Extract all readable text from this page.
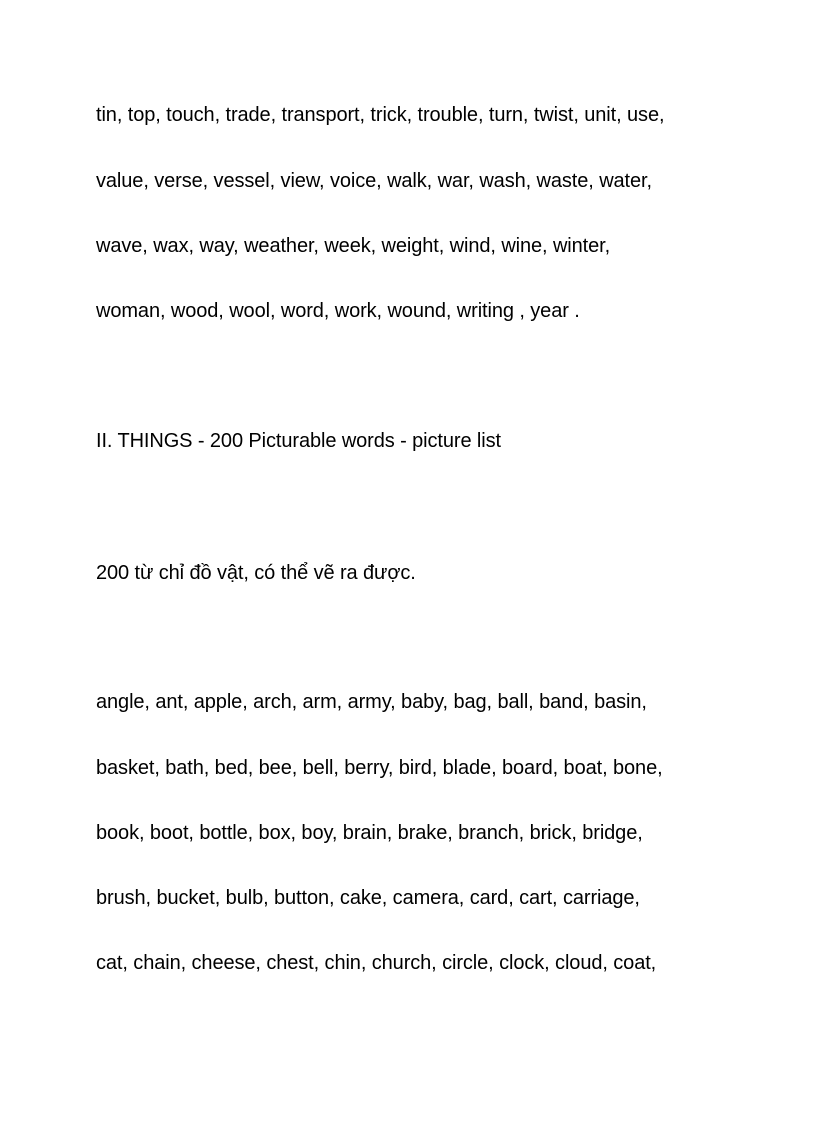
tin, top, touch, trade, transport, trick, trouble, turn, twist, unit, use,

value, verse, vessel, view, voice, walk, war, wash, waste, water,

wave, wax, way, weather, week, weight, wind, wine, winter,

woman, wood, wool, word, work, wound, writing , year .

II. THINGS - 200 Picturable words - picture list

200 từ chỉ đồ vật, có thể vẽ ra được.

angle, ant, apple, arch, arm, army, baby, bag, ball, band, basin,

basket, bath, bed, bee, bell, berry, bird, blade, board, boat, bone,

book, boot, bottle, box, boy, brain, brake, branch, brick, bridge,

brush, bucket, bulb, button, cake, camera, card, cart, carriage,

cat, chain, cheese, chest, chin, church, circle, clock, cloud, coat,
